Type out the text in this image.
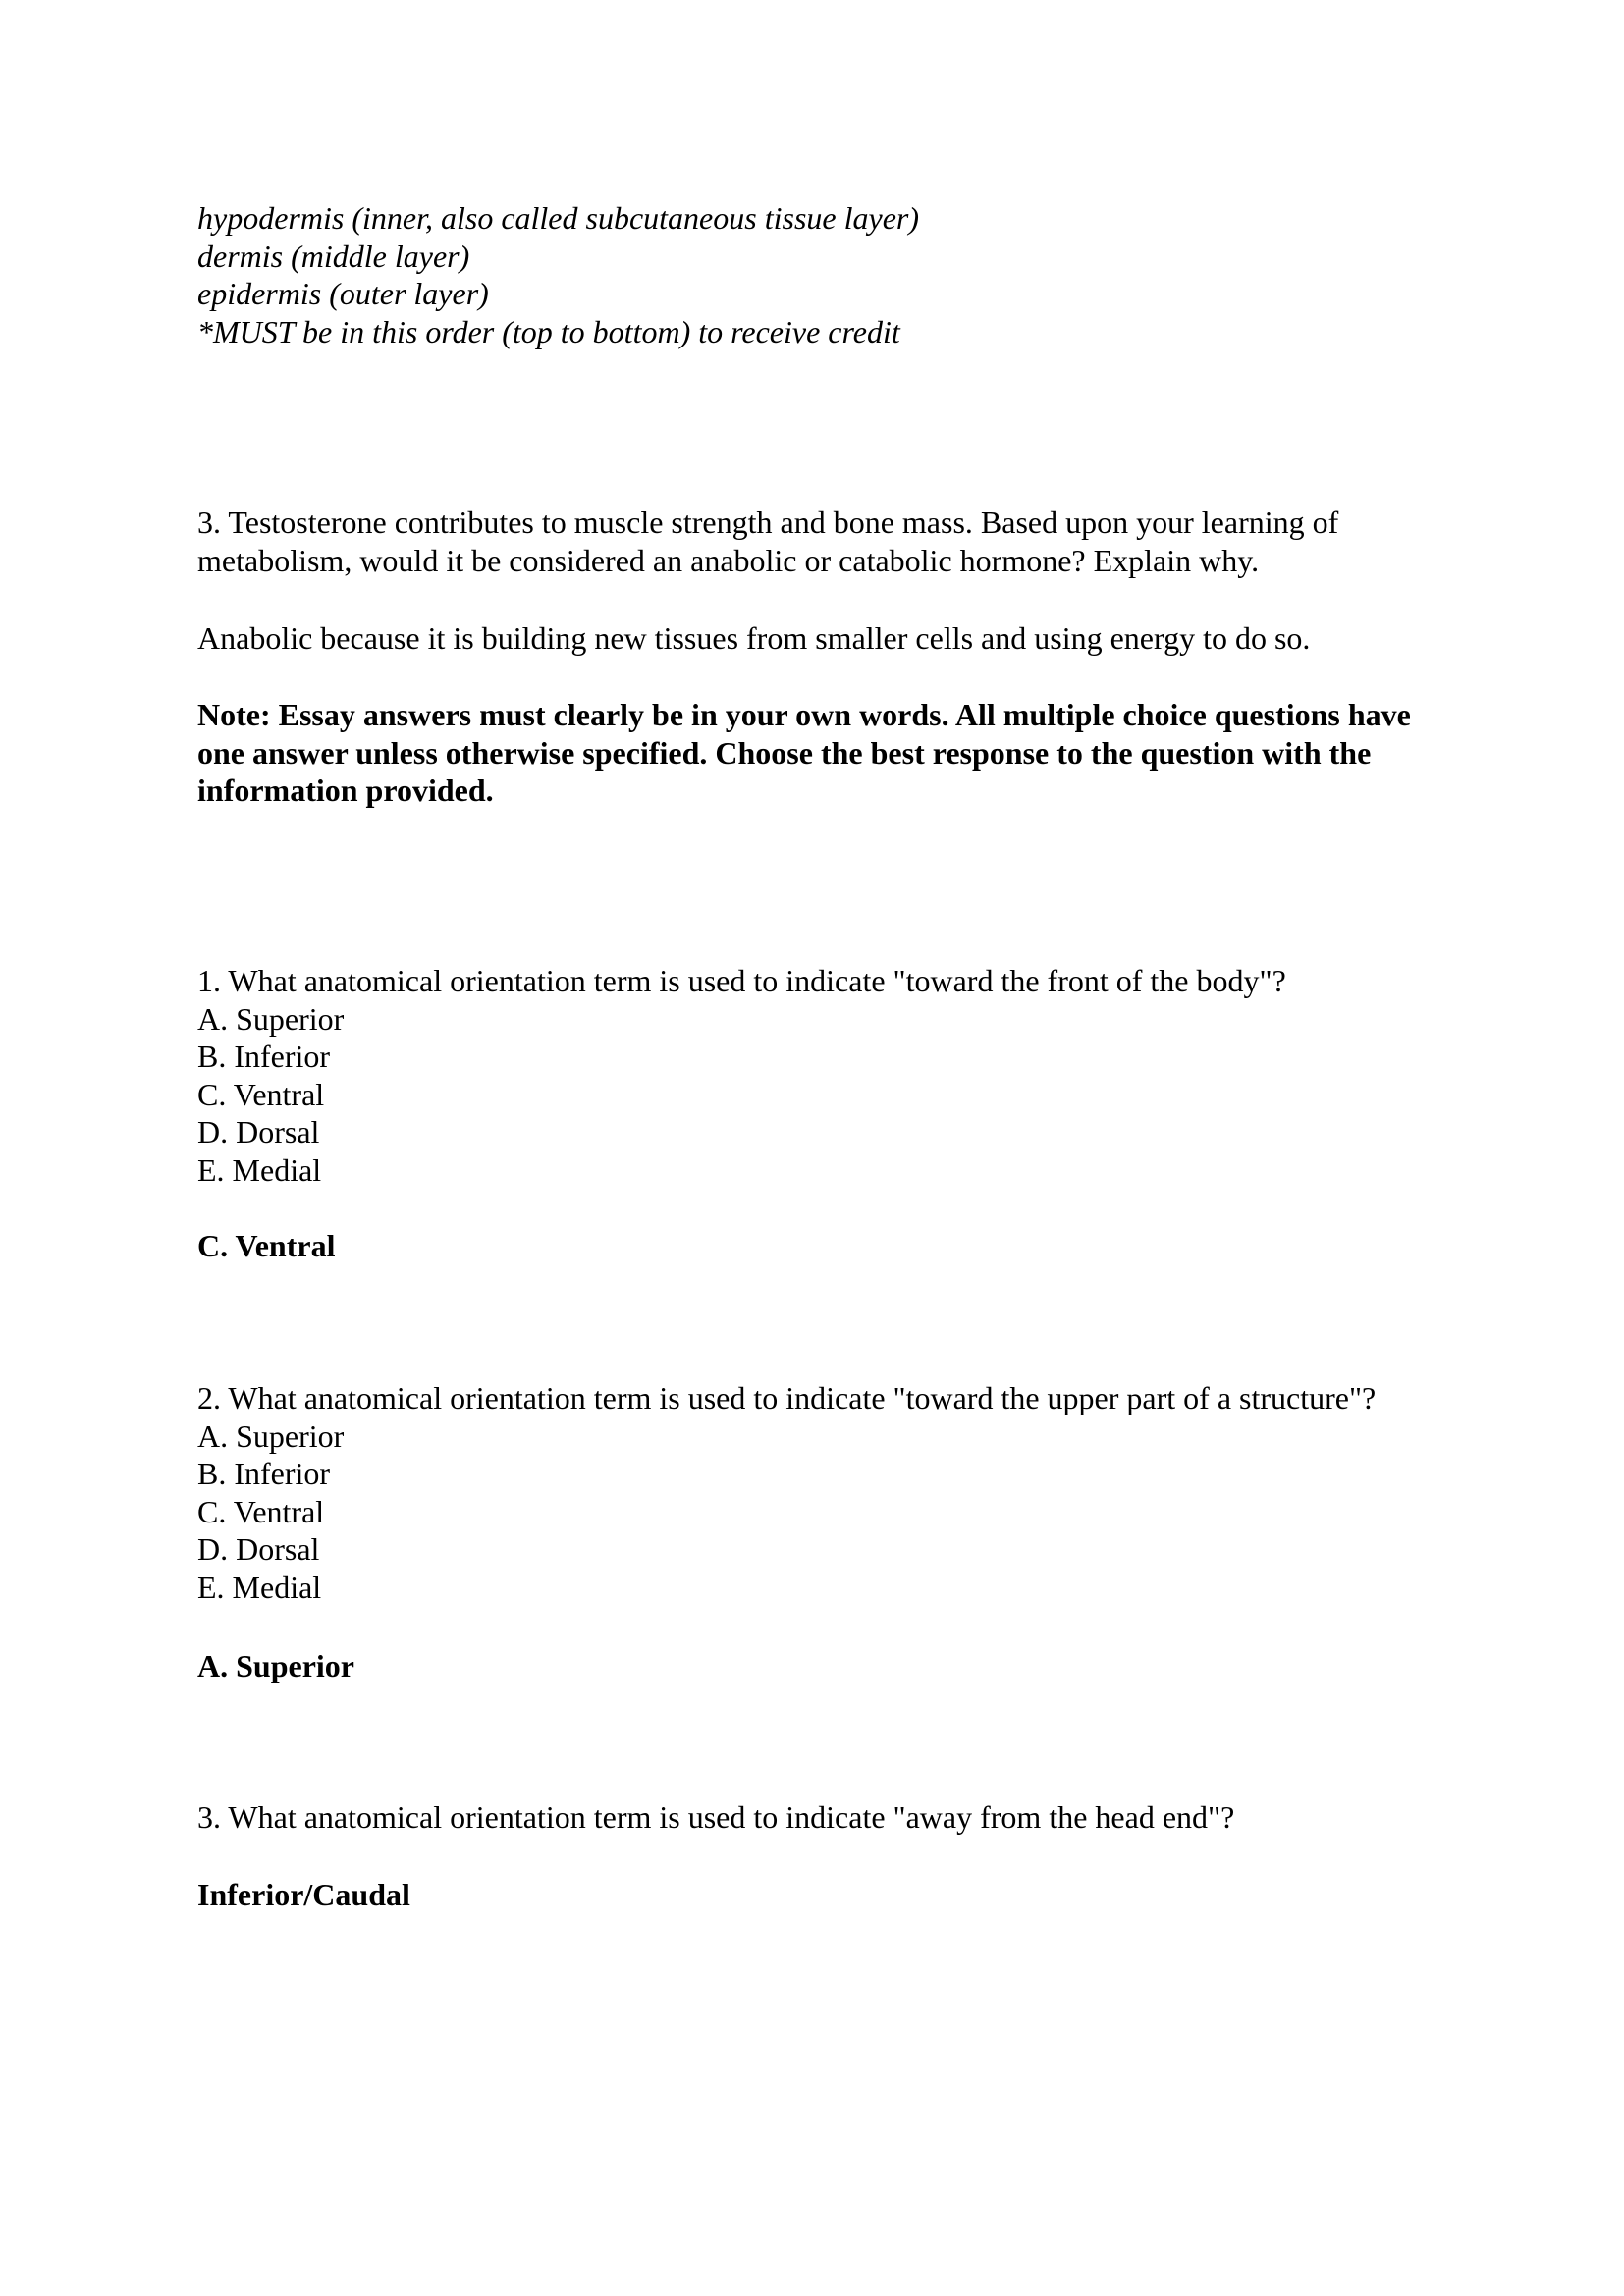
hypodermis (inner, also called subcutaneous tissue layer)
dermis (middle layer)
epidermis (outer layer)
*MUST be in this order (top to bottom) to receive credit
3. Testosterone contributes to muscle strength and bone mass. Based upon your learning of
metabolism, would it be considered an anabolic or catabolic hormone? Explain why.
Anabolic because it is building new tissues from smaller cells and using energy to do so.
Note: Essay answers must clearly be in your own words. All multiple choice questions have
one answer unless otherwise specified. Choose the best response to the question with the
information provided.
1. What anatomical orientation term is used to indicate "toward the front of the body"?
A. Superior
B. Inferior
C. Ventral
D. Dorsal
E. Medial
C. Ventral
2. What anatomical orientation term is used to indicate "toward the upper part of a structure"?
A. Superior
B. Inferior
C. Ventral
D. Dorsal
E. Medial
A. Superior
3. What anatomical orientation term is used to indicate "away from the head end"?
Inferior/Caudal
